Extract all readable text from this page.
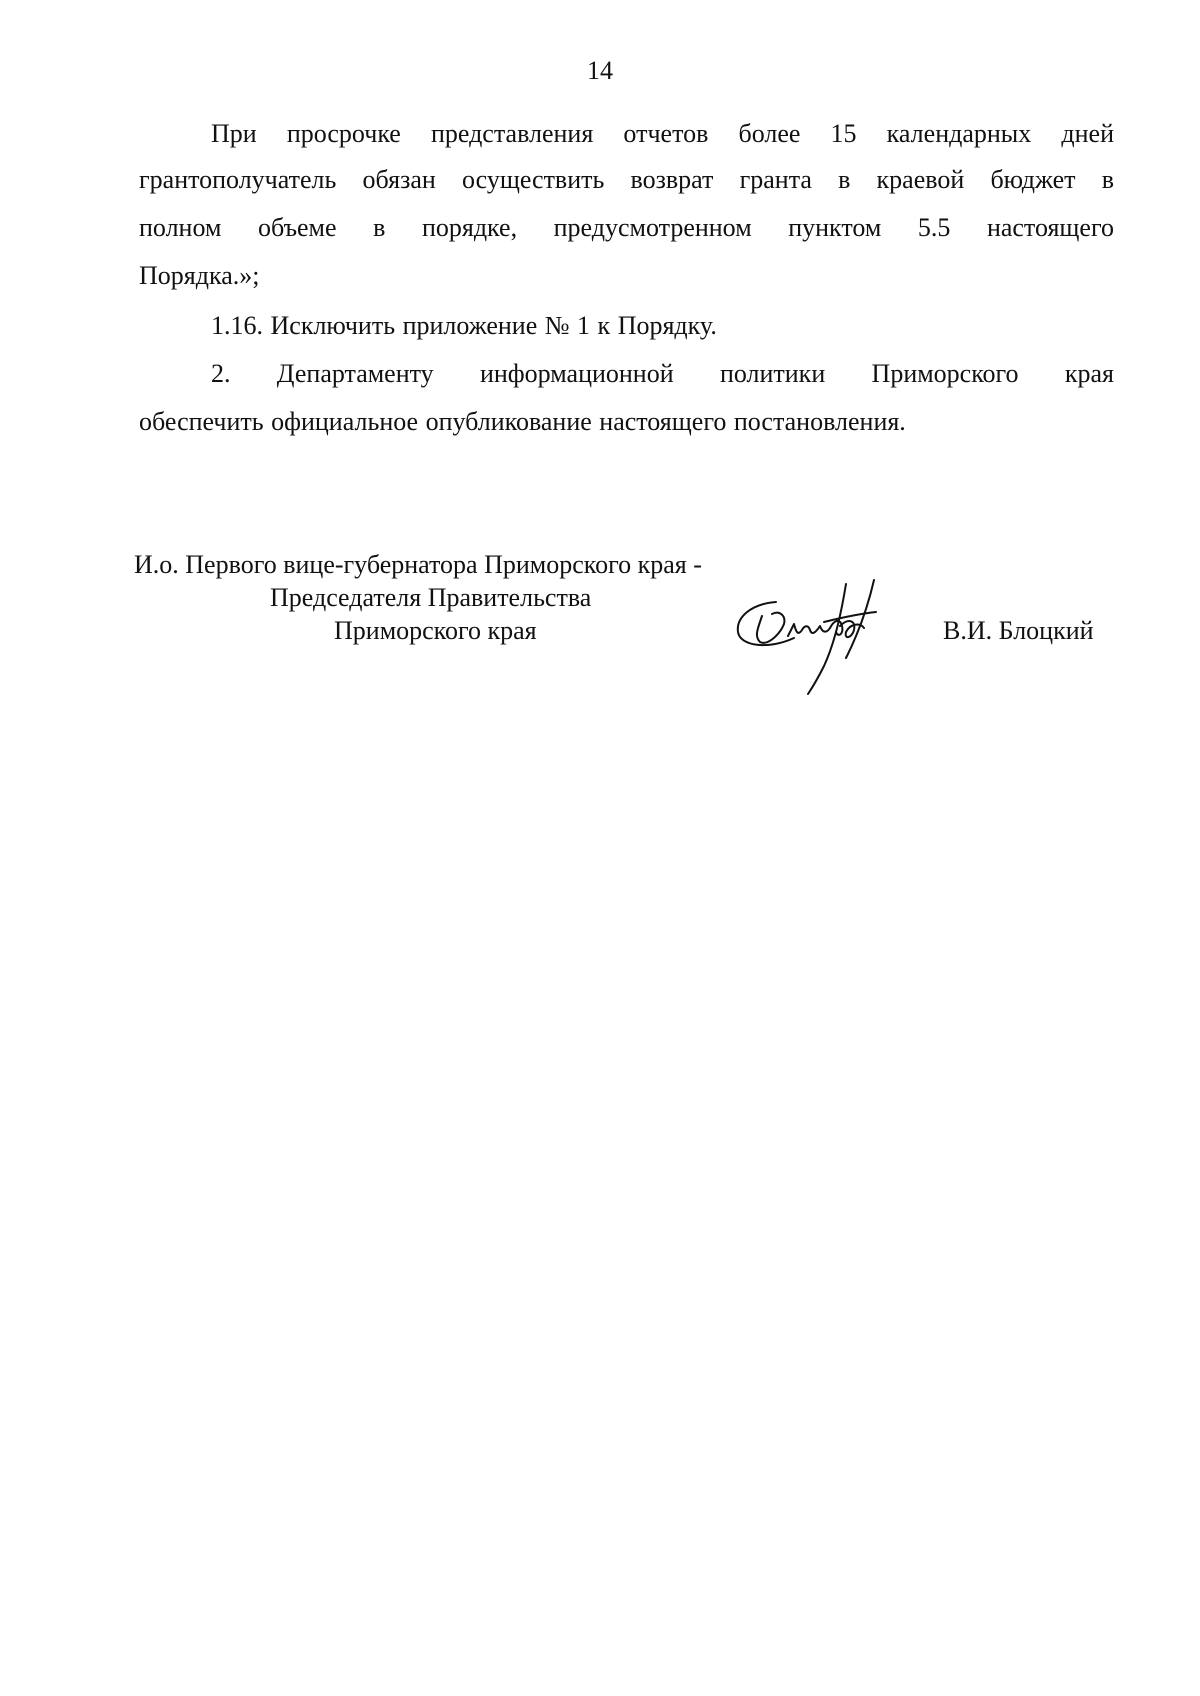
14
При просрочке представления отчетов более 15 календарных дней
грантополучатель обязан осуществить возврат гранта в краевой бюджет в
полном объеме в порядке, предусмотренном пунктом 5.5 настоящего
Порядка.»;
1.16. Исключить приложение № 1 к Порядку.
2. Департаменту информационной политики Приморского края
обеспечить официальное опубликование настоящего постановления.
И.о. Первого вице-губернатора Приморского края -
Председателя Правительства
Приморского края	В.И. Блоцкий
